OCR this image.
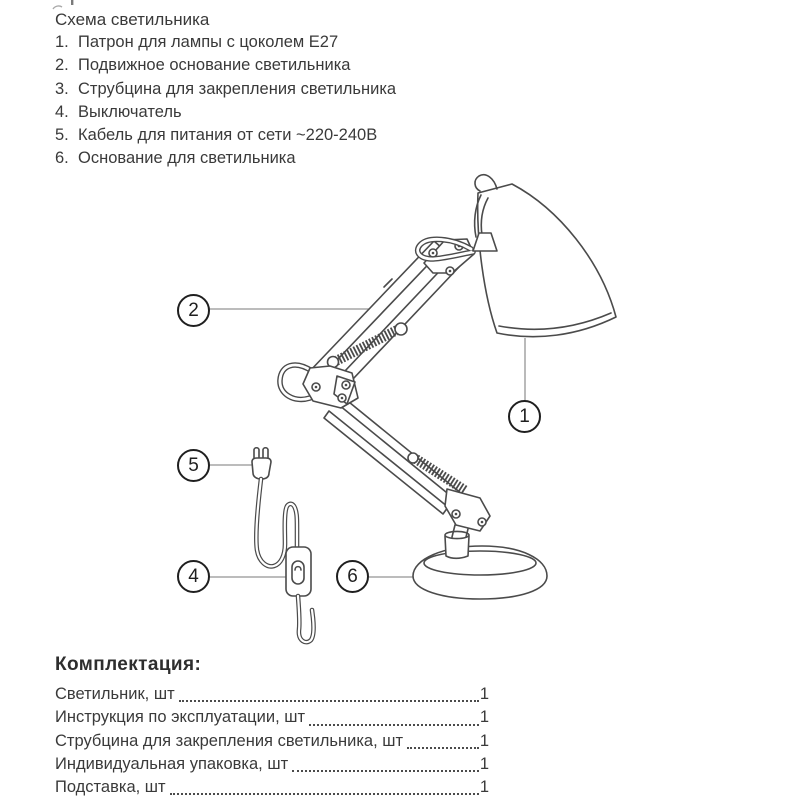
2
1
5
4	6

Схема светильника

1. Патрон для лампы с цоколем E27
2. Подвижное основание светильника
3. Струбцина для закрепления светильника
4. Выключатель
5. Кабель для питания от сети ~220-240В
6. Основание для светильника
Комплектация:
Светильник, шт	1
Инструкция по эксплуатации, шт	1
Струбцина для закрепления светильника, шт	1
Индивидуальная упаковка, шт	1
Подставка, шт	1
